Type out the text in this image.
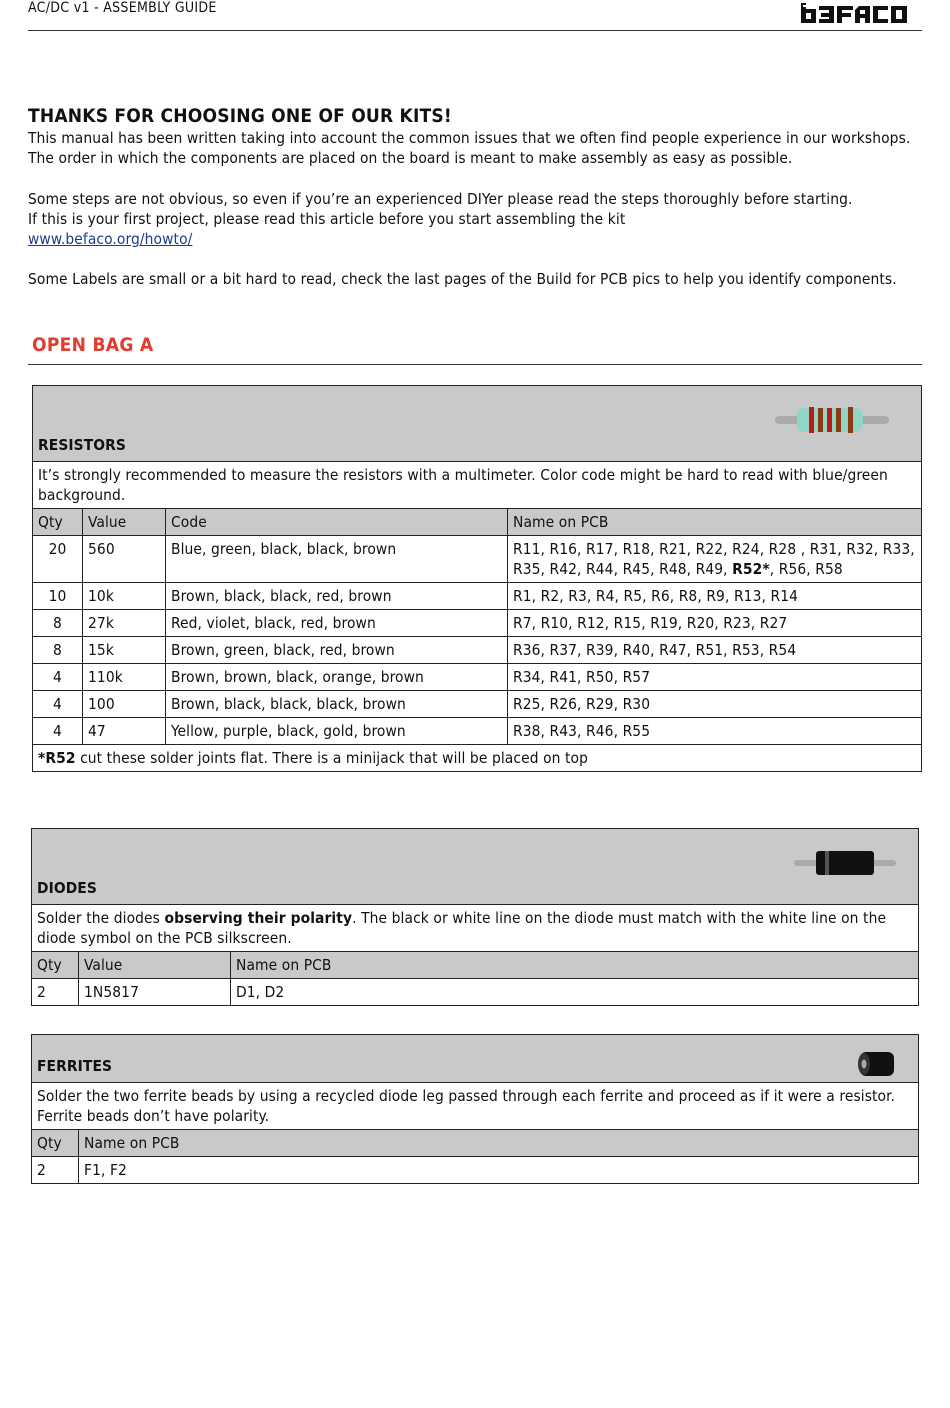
AC/DC v1 - ASSEMBLY GUIDE
THANKS FOR CHOOSING ONE OF OUR KITS!

This manual has been written taking into account the common issues that we often find people experience in our workshops. The order in which the components are placed on the board is meant to make assembly as easy as possible.

Some steps are not obvious, so even if you’re an experienced DIYer please read the steps thoroughly before starting.

If this is your first project, please read this article before you start assembling the kit

www.befaco.org/howto/

Some Labels are small or a bit hard to read, check the last pages of the Build for PCB pics to help you identify components.

OPEN BAG A
RESISTORS			

It’s strongly recommended to measure the resistors with a multimeter. Color code might be hard to read with blue/green background.			
Qty	Value	Code	Name on PCB
20	560	Blue, green, black, black, brown	R11, R16, R17, R18, R21, R22, R24, R28 , R31, R32, R33, R35, R42, R44, R45, R48, R49, R52*, R56, R58
10	10k	Brown, black, black, red, brown	R1, R2, R3, R4, R5, R6, R8, R9, R13, R14
8	27k	Red, violet, black, red, brown	R7, R10, R12, R15, R19, R20, R23, R27
8	15k	Brown, green, black, red, brown	R36, R37, R39, R40, R47, R51, R53, R54
4	110k	Brown, brown, black, orange, brown	R34, R41, R50, R57
4	100	Brown, black, black, black, brown	R25, R26, R29, R30
4	47	Yellow, purple, black, gold, brown	R38, R43, R46, R55
*R52 cut these solder joints flat. There is a minijack that will be placed on top			
DIODES		

Solder the diodes observing their polarity. The black or white line on the diode must match with the white line on the diode symbol on the PCB silkscreen.		
Qty	Value	Name on PCB
2	1N5817	D1, D2
FERRITES	

Solder the two ferrite beads by using a recycled diode leg passed through each ferrite and proceed as if it were a resistor. Ferrite beads don’t have polarity.	
Qty	Name on PCB
2	F1, F2
